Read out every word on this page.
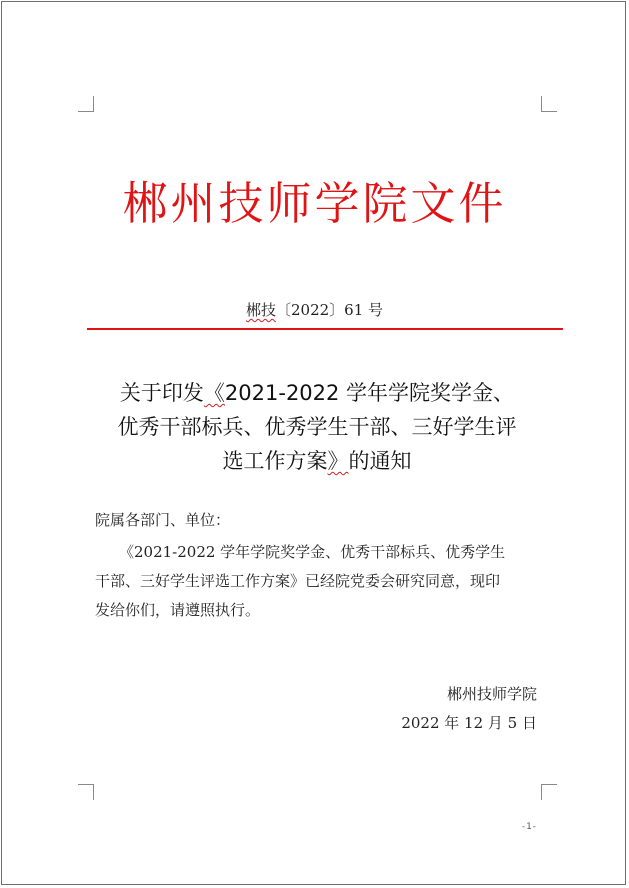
郴州技师学院文件
郴技〔2022〕61 号
关于印发《2021-2022 学年学院奖学金、
优秀干部标兵、优秀学生干部、三好学生评
选工作方案》的通知
院属各部门、单位：
《2021-2022 学年学院奖学金、优秀干部标兵、优秀学生
干部、三好学生评选工作方案》已经院党委会研究同意，现印
发给你们，请遵照执行。
郴州技师学院
2022 年 12 月 5 日
-1-
